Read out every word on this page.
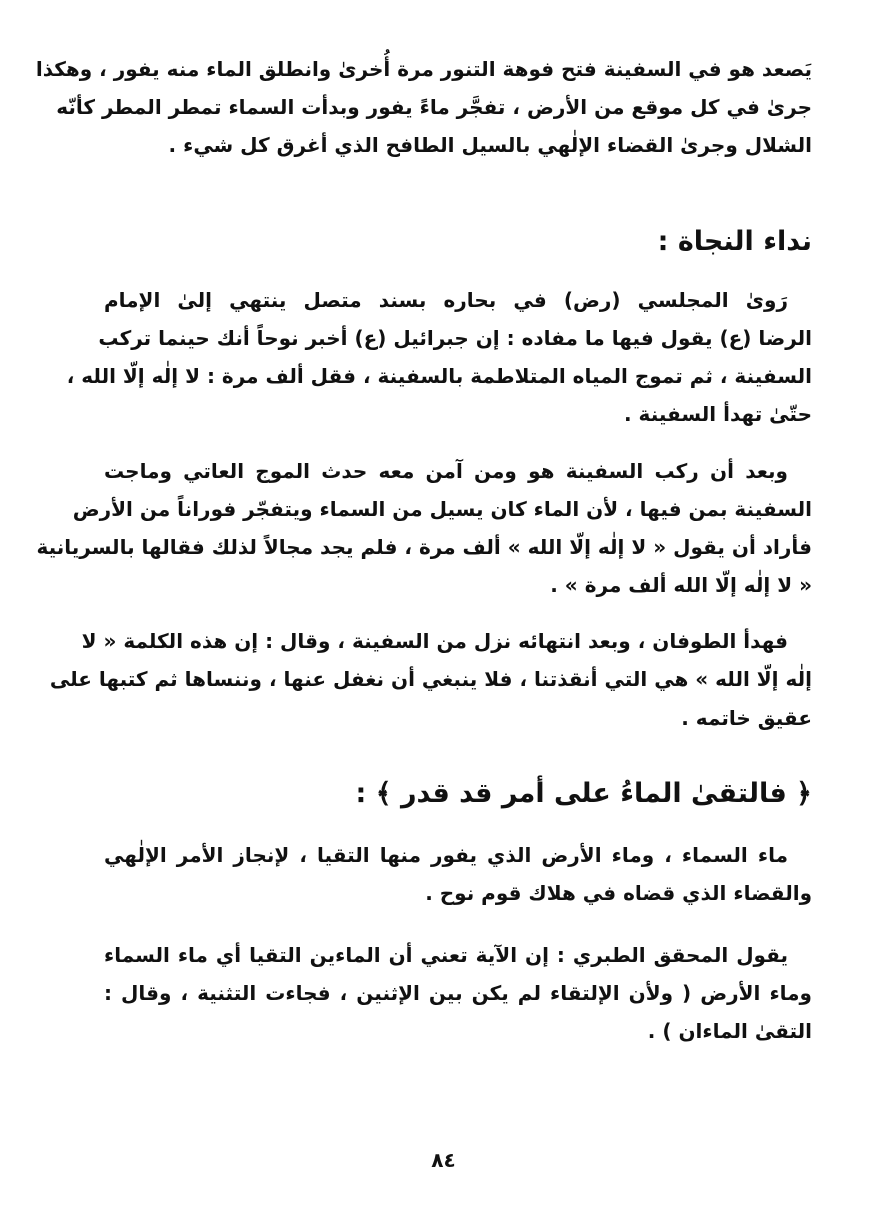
يَصعد هو في السفينة فتح فوهة التنور مرة أُخرىٰ وانطلق الماء منه يفور ، وهكذا
جرىٰ في كل موقع من الأرض ، تفجَّر ماءً يفور وبدأت السماء تمطر المطر كأنّه
الشلال وجرىٰ القضاء الإلٰهي بالسيل الطافح الذي أغرق كل شيء .
نداء النجاة :
رَوىٰ المجلسي (رض) في بحاره بسند متصل ينتهي إلىٰ الإمام
الرضا (ع) يقول فيها ما مفاده : إن جبرائيل (ع) أخبر نوحاً أنك حينما تركب
السفينة ، ثم تموج المياه المتلاطمة بالسفينة ، فقل ألف مرة : لا إلٰه إلّا الله ،
حتّىٰ تهدأ السفينة .
وبعد أن ركب السفينة هو ومن آمن معه حدث الموج العاتي وماجت
السفينة بمن فيها ، لأن الماء كان يسيل من السماء ويتفجّر فوراناً من الأرض
فأراد أن يقول « لا إلٰه إلّا الله » ألف مرة ، فلم يجد مجالاً لذلك فقالها بالسريانية
« لا إلٰه إلّا الله ألف مرة » .
فهدأ الطوفان ، وبعد انتهائه نزل من السفينة ، وقال : إن هذه الكلمة « لا
إلٰه إلّا الله » هي التي أنقذتنا ، فلا ينبغي أن نغفل عنها ، وننساها ثم كتبها على
عقيق خاتمه .
﴿ فالتقىٰ الماءُ على أمر قد قدر ﴾ :
ماء السماء ، وماء الأرض الذي يفور منها التقيا ، لإنجاز الأمر الإلٰهي
والقضاء الذي قضاه في هلاك قوم نوح .
يقول المحقق الطبري : إن الآية تعني أن الماءين التقيا أي ماء السماء
وماء الأرض ( ولأن الإلتقاء لم يكن بين الإثنين ، فجاءت التثنية ، وقال :
التقىٰ الماءان ) .
٨٤
